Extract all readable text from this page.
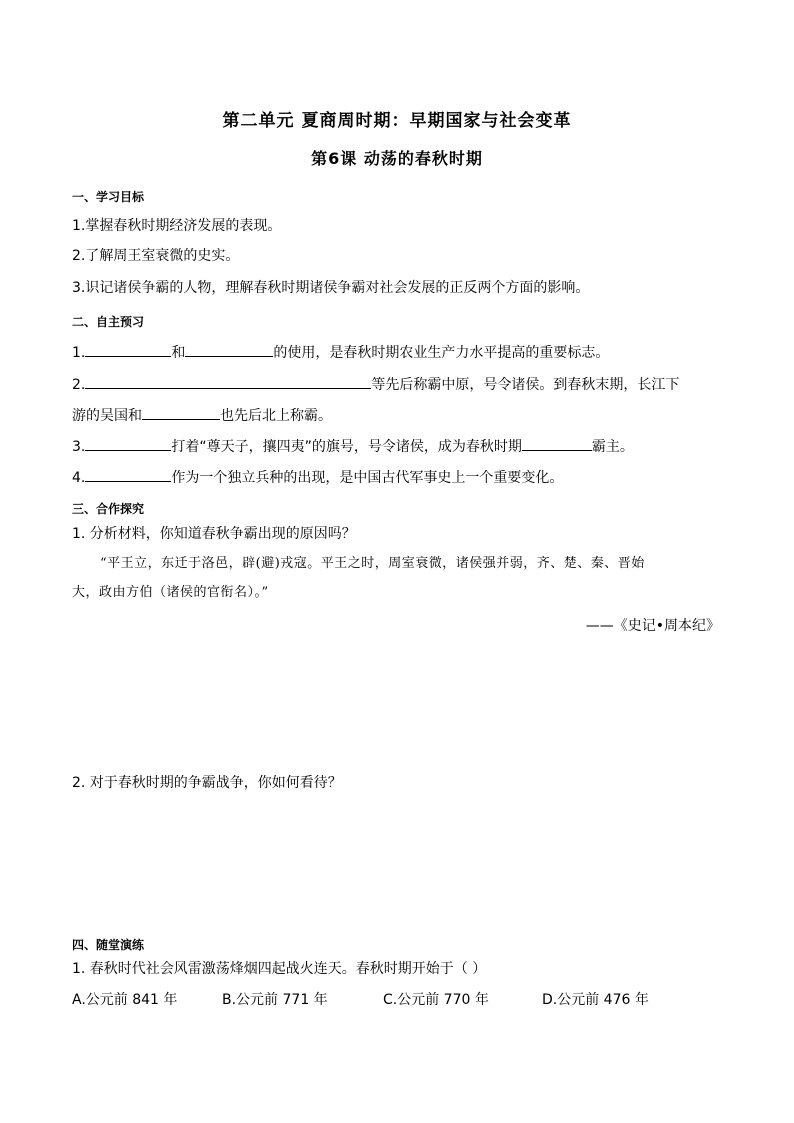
第二单元 夏商周时期：早期国家与社会变革
第6课 动荡的春秋时期
一、学习目标
1.掌握春秋时期经济发展的表现。
2.了解周王室衰微的史实。
3.识记诸侯争霸的人物，理解春秋时期诸侯争霸对社会发展的正反两个方面的影响。
二、自主预习
1.	和	的使用，是春秋时期农业生产力水平提高的重要标志。
2.	等先后称霸中原，号令诸侯。到春秋末期，长江下
游的吴国和	也先后北上称霸。
3.	打着“尊天子，攘四夷”的旗号，号令诸侯，成为春秋时期	霸主。
4.	作为一个独立兵种的出现，是中国古代军事史上一个重要变化。
三、合作探究
1. 分析材料，你知道春秋争霸出现的原因吗？
“平王立，东迁于洛邑，辟(避)戎寇。平王之时，周室衰微，诸侯强并弱，齐、楚、秦、晋始
大，政由方伯（诸侯的官衔名）。”
——《史记•周本纪》
2. 对于春秋时期的争霸战争，你如何看待？
四、随堂演练
1. 春秋时代社会风雷激荡烽烟四起战火连天。春秋时期开始于（ ）
A.公元前 841 年	B.公元前 771 年	C.公元前 770 年	D.公元前 476 年
